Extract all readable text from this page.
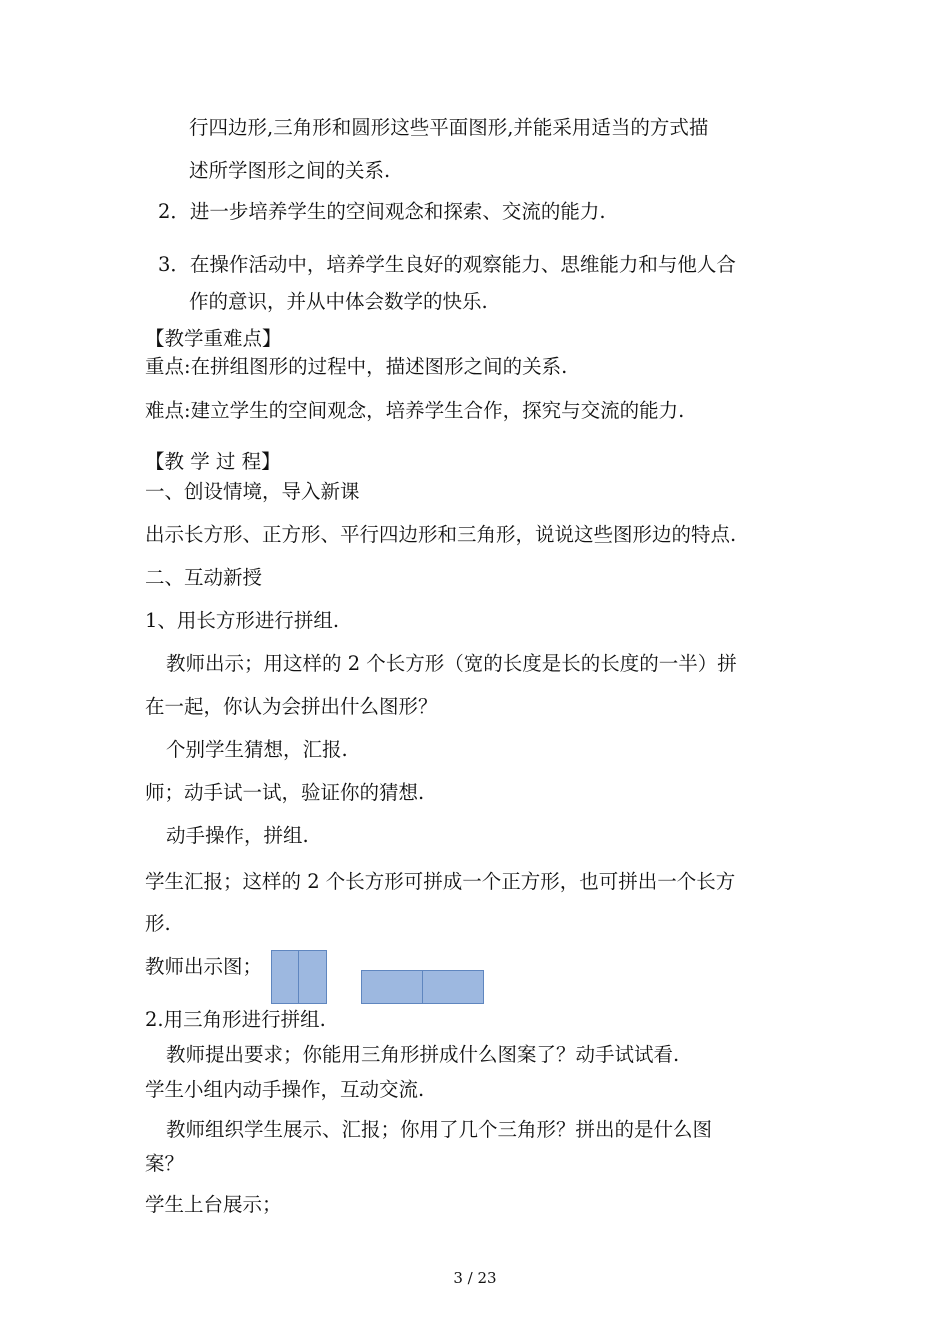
行四边形,三角形和圆形这些平面图形,并能采用适当的方式描
述所学图形之间的关系.
2．进一步培养学生的空间观念和探索、交流的能力.
3．在操作活动中，培养学生良好的观察能力、思维能力和与他人合
作的意识，并从中体会数学的快乐.
【教学重难点】
重点:在拼组图形的过程中，描述图形之间的关系.
难点:建立学生的空间观念，培养学生合作，探究与交流的能力.
【教 学 过 程】
一、创设情境，导入新课
出示长方形、正方形、平行四边形和三角形，说说这些图形边的特点.
二、互动新授
1、用长方形进行拼组.
教师出示；用这样的 2 个长方形（宽的长度是长的长度的一半）拼
在一起，你认为会拼出什么图形？
个别学生猜想，汇报.
师；动手试一试，验证你的猜想.
动手操作，拼组.
学生汇报；这样的 2 个长方形可拼成一个正方形，也可拼出一个长方
形.
教师出示图；
2.用三角形进行拼组.
教师提出要求；你能用三角形拼成什么图案了？动手试试看.
学生小组内动手操作，互动交流.
教师组织学生展示、汇报；你用了几个三角形？拼出的是什么图
案？
学生上台展示；
3 / 23
